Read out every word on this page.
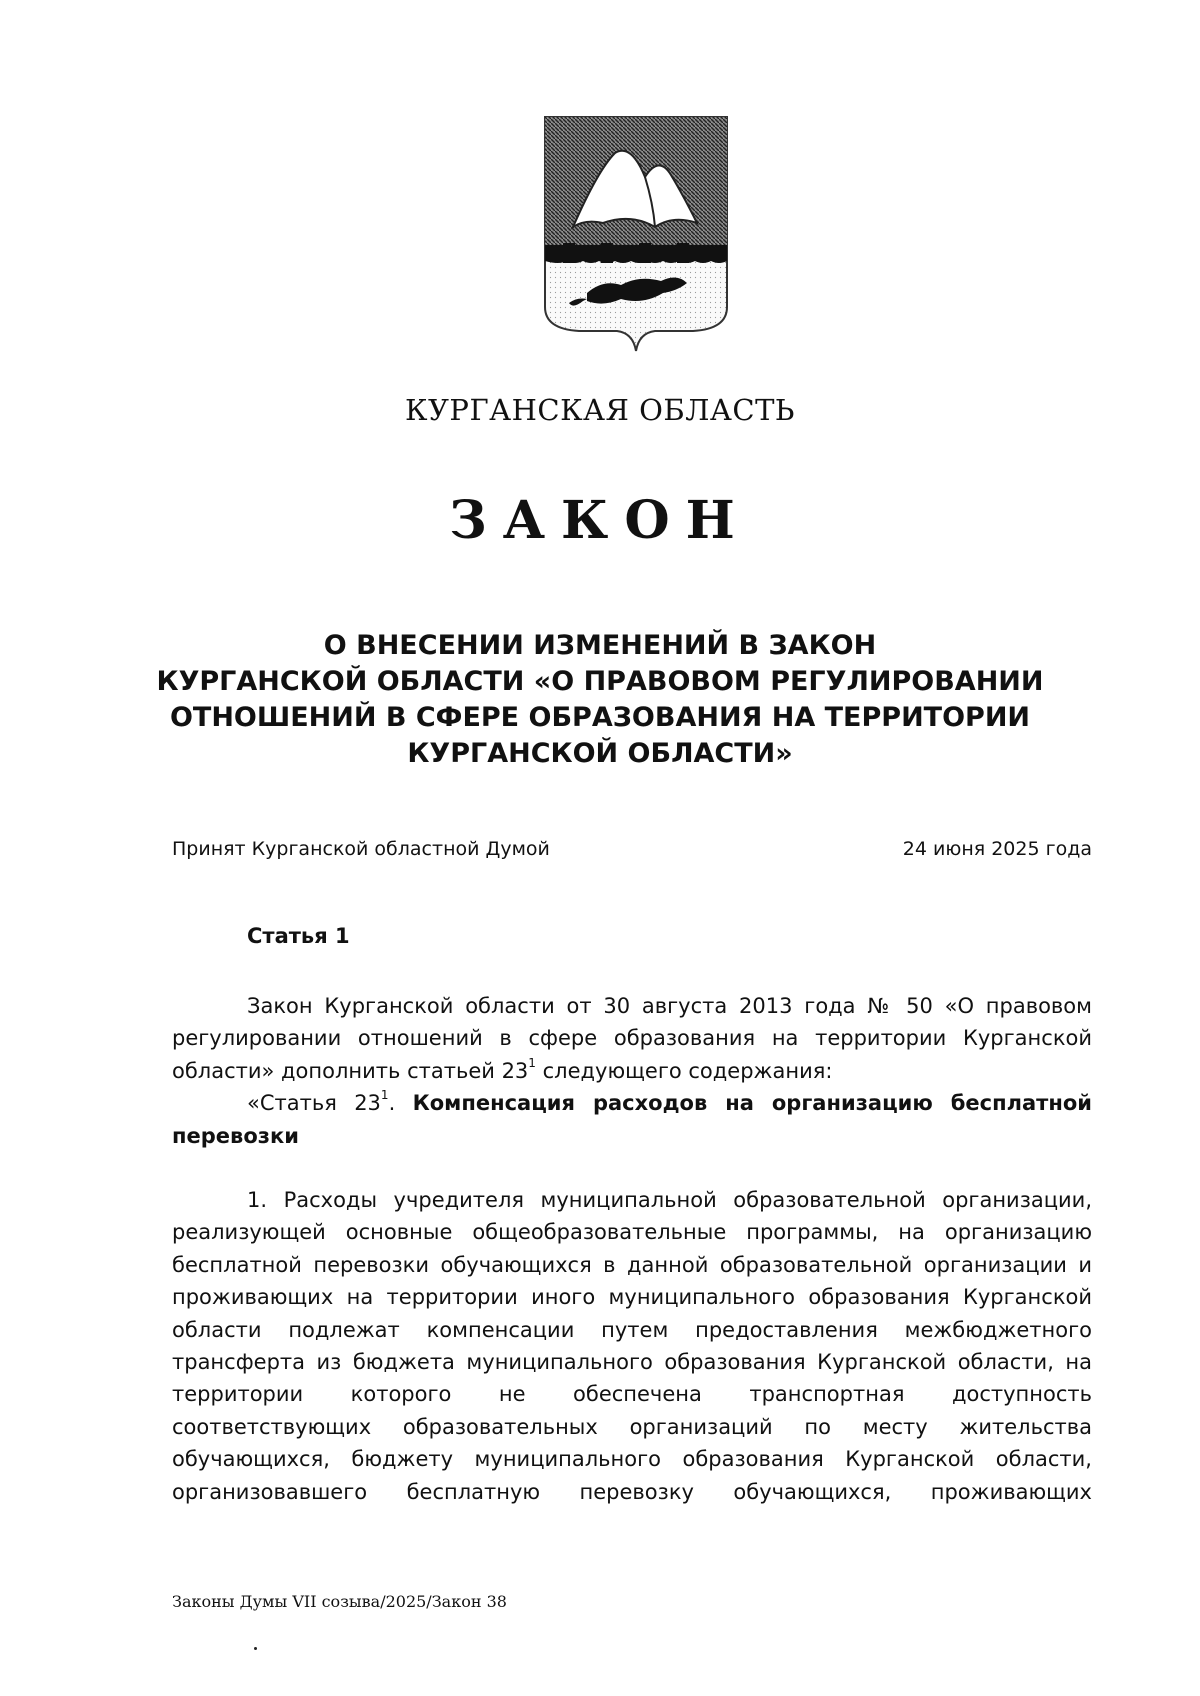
КУРГАНСКАЯ ОБЛАСТЬ
ЗАКОН
О ВНЕСЕНИИ ИЗМЕНЕНИЙ В ЗАКОН
КУРГАНСКОЙ ОБЛАСТИ «О ПРАВОВОМ РЕГУЛИРОВАНИИ
ОТНОШЕНИЙ В СФЕРЕ ОБРАЗОВАНИЯ НА ТЕРРИТОРИИ
КУРГАНСКОЙ ОБЛАСТИ»
Принят Курганской областной Думой	24 июня 2025 года
Статья 1

Закон Курганской области от 30 августа 2013 года № 50 «О правовом регулировании отношений в сфере образования на территории Курганской области» дополнить статьей $23^1$ следующего содержания:

«Статья $23^1$. Компенсация расходов на организацию бесплатной перевозки

1. Расходы учредителя муниципальной образовательной организации, реализующей основные общеобразовательные программы, на организацию бесплатной перевозки обучающихся в данной образовательной организации и проживающих на территории иного муниципального образования Курганской области подлежат компенсации путем предоставления межбюджетного трансферта из бюджета муниципального образования Курганской области, на территории которого не обеспечена транспортная доступность соответствующих образовательных организаций по месту жительства обучающихся, бюджету муниципального образования Курганской области, организовавшего бесплатную перевозку обучающихся, проживающих

Законы Думы VII созыва/2025/Закон 38
